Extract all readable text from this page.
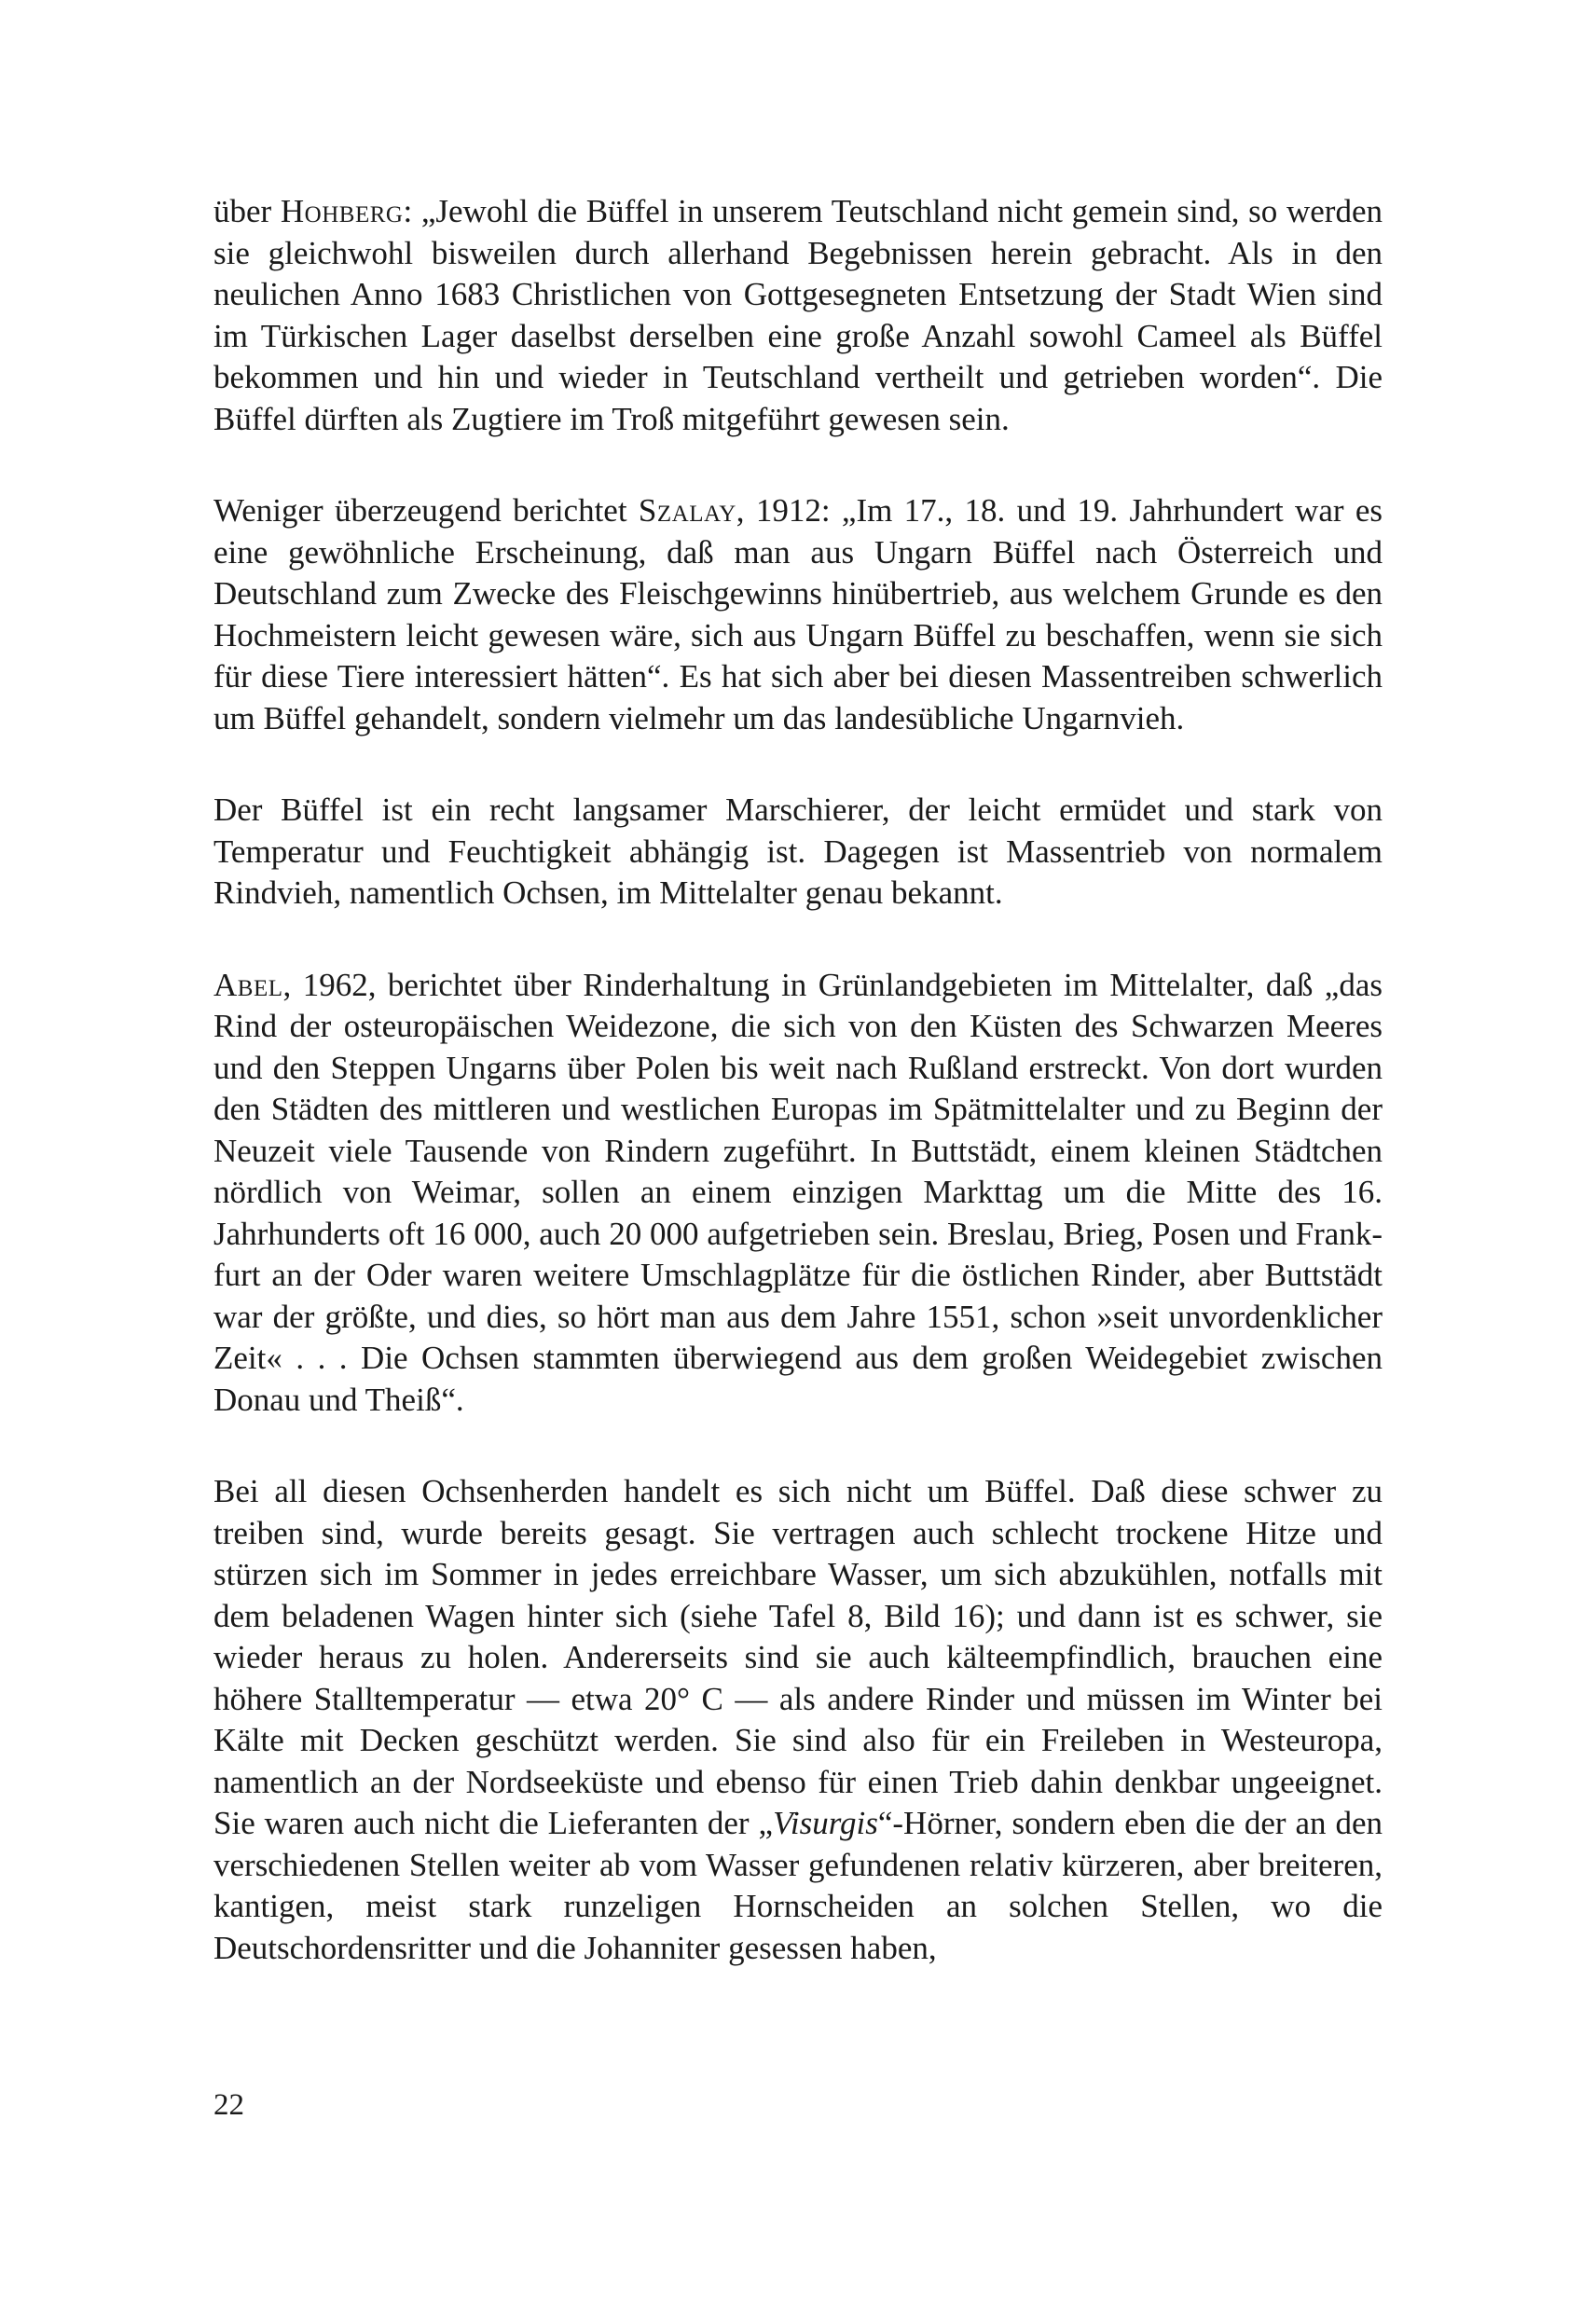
über Hohberg: „Jewohl die Büffel in unserem Teutschland nicht gemein sind, so werden sie gleichwohl bisweilen durch allerhand Begebnissen herein gebracht. Als in den neulichen Anno 1683 Christlichen von Gottgesegneten Entsetzung der Stadt Wien sind im Türkischen Lager daselbst derselben eine große Anzahl sowohl Cameel als Büffel bekommen und hin und wieder in Teutschland vertheilt und getrieben worden“. Die Büffel dürften als Zugtiere im Troß mitgeführt gewesen sein.

Weniger überzeugend berichtet Szalay, 1912: „Im 17., 18. und 19. Jahrhundert war es eine gewöhnliche Erscheinung, daß man aus Ungarn Büffel nach Österreich und Deutschland zum Zwecke des Fleischgewinns hinübertrieb, aus welchem Grunde es den Hochmeistern leicht gewesen wäre, sich aus Ungarn Büffel zu beschaffen, wenn sie sich für diese Tiere interessiert hätten“. Es hat sich aber bei diesen Massentreiben schwerlich um Büffel gehandelt, sondern vielmehr um das landesübliche Ungarnvieh.

Der Büffel ist ein recht langsamer Marschierer, der leicht ermüdet und stark von Temperatur und Feuchtigkeit abhängig ist. Dagegen ist Massentrieb von normalem Rindvieh, namentlich Ochsen, im Mittelalter genau bekannt.

Abel, 1962, berichtet über Rinderhaltung in Grünlandgebieten im Mittelalter, daß „das Rind der osteuropäischen Weidezone, die sich von den Küsten des Schwarzen Meeres und den Steppen Ungarns über Polen bis weit nach Rußland erstreckt. Von dort wurden den Städten des mittleren und westlichen Europas im Spätmittelalter und zu Beginn der Neuzeit viele Tausende von Rindern zugeführt. In Buttstädt, einem kleinen Städtchen nördlich von Weimar, sollen an einem einzigen Markttag um die Mitte des 16. Jahrhunderts oft 16 000, auch 20 000 aufgetrieben sein. Breslau, Brieg, Posen und Frankfurt an der Oder waren weitere Umschlagplätze für die östlichen Rinder, aber Buttstädt war der größte, und dies, so hört man aus dem Jahre 1551, schon »seit unvordenklicher Zeit« . . . Die Ochsen stammten überwiegend aus dem großen Weidegebiet zwischen Donau und Theiß“.

Bei all diesen Ochsenherden handelt es sich nicht um Büffel. Daß diese schwer zu treiben sind, wurde bereits gesagt. Sie vertragen auch schlecht trockene Hitze und stürzen sich im Sommer in jedes erreichbare Wasser, um sich abzukühlen, notfalls mit dem beladenen Wagen hinter sich (siehe Tafel 8, Bild 16); und dann ist es schwer, sie wieder heraus zu holen. Andererseits sind sie auch kälteempfindlich, brauchen eine höhere Stalltemperatur — etwa 20° C — als andere Rinder und müssen im Winter bei Kälte mit Decken geschützt werden. Sie sind also für ein Freileben in Westeuropa, namentlich an der Nordseeküste und ebenso für einen Trieb dahin denkbar ungeeignet. Sie waren auch nicht die Lieferanten der „Visurgis“-Hörner, sondern eben die der an den verschiedenen Stellen weiter ab vom Wasser gefundenen relativ kürzeren, aber breiteren, kantigen, meist stark runzeligen Hornscheiden an solchen Stellen, wo die Deutschordensritter und die Johanniter gesessen haben,

22
